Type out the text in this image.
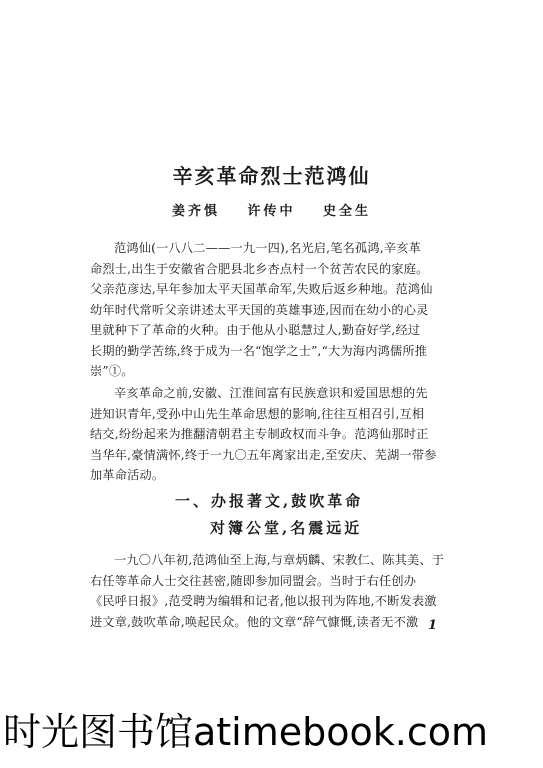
辛亥革命烈士范鸿仙
姜齐惧 许传中 史全生
范鸿仙(一八八二——一九一四),名光启,笔名孤鸿,辛亥革
命烈士,出生于安徽省合肥县北乡杏点村一个贫苦农民的家庭。
父亲范彦达,早年参加太平天国革命军,失败后返乡种地。范鸿仙
幼年时代常听父亲讲述太平天国的英雄事迹,因而在幼小的心灵
里就种下了革命的火种。由于他从小聪慧过人,勤奋好学,经过
长期的勤学苦练,终于成为一名“饱学之士”,“大为海内鸿儒所推
崇”①。
辛亥革命之前,安徽、江淮间富有民族意识和爱国思想的先
进知识青年,受孙中山先生革命思想的影响,往往互相召引,互相
结交,纷纷起来为推翻清朝君主专制政权而斗争。范鸿仙那时正
当华年,豪情满怀,终于一九〇五年离家出走,至安庆、芜湖一带参
加革命活动。
一、办报著文,鼓吹革命
对簿公堂,名震远近
一九〇八年初,范鸿仙至上海,与章炳麟、宋教仁、陈其美、于
右任等革命人士交往甚密,随即参加同盟会。当时于右任创办
《民呼日报》,范受聘为编辑和记者,他以报刊为阵地,不断发表激
进文章,鼓吹革命,唤起民众。他的文章“辞气慷慨,读者无不激 1
时光图书馆atimebook.com
